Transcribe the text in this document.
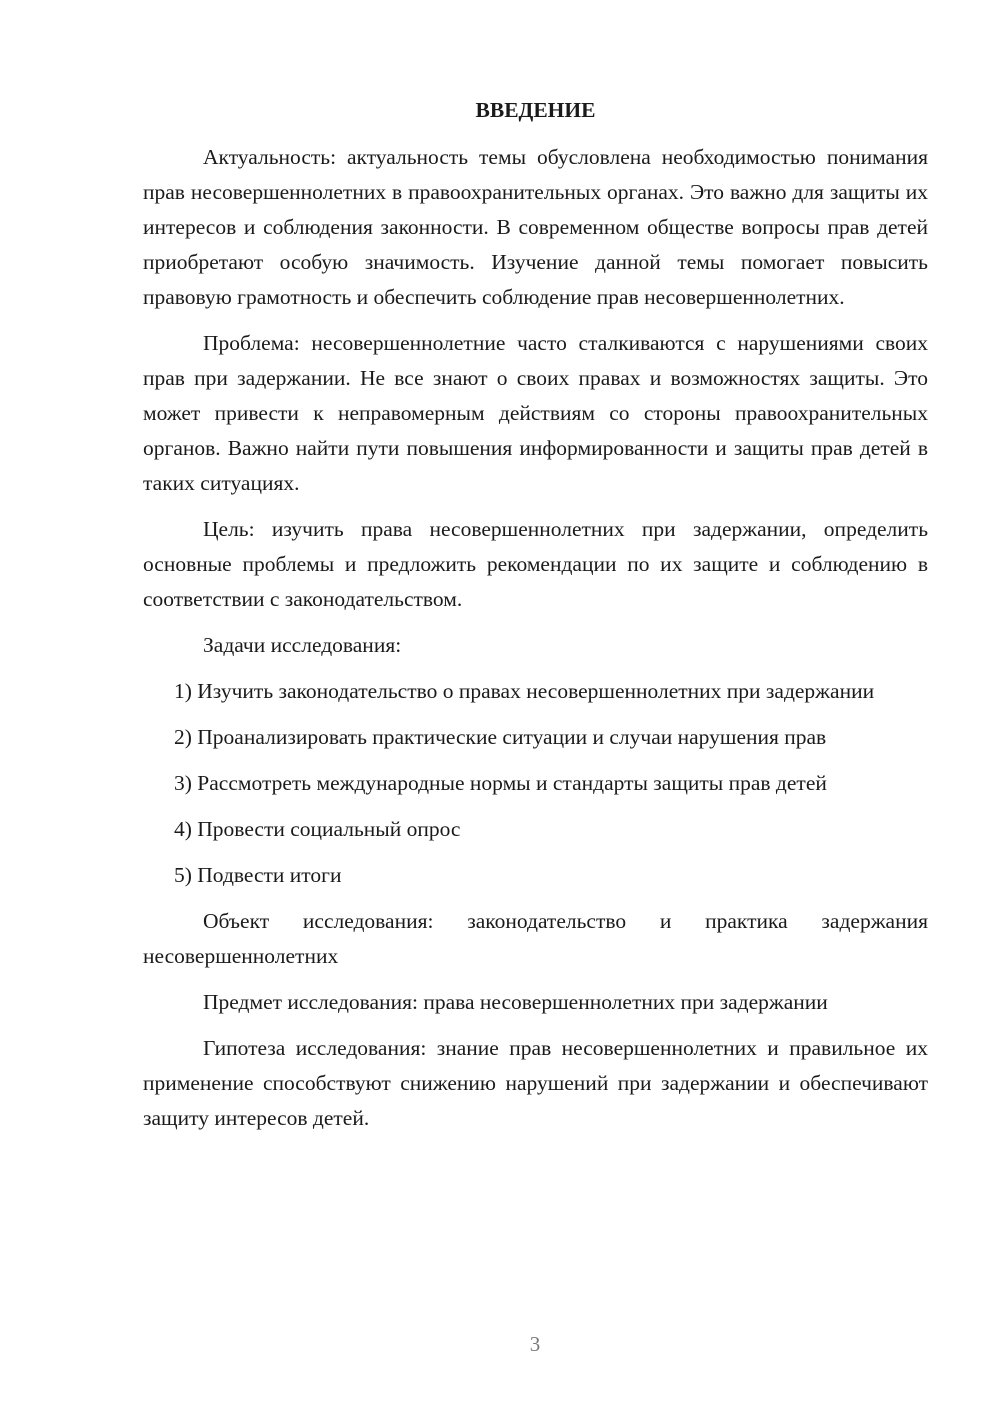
ВВЕДЕНИЕ

Актуальность: актуальность темы обусловлена необходимостью понимания прав несовершеннолетних в правоохранительных органах. Это важно для защиты их интересов и соблюдения законности. В современном обществе вопросы прав детей приобретают особую значимость. Изучение данной темы помогает повысить правовую грамотность и обеспечить соблюдение прав несовершеннолетних.

Проблема: несовершеннолетние часто сталкиваются с нарушениями своих прав при задержании. Не все знают о своих правах и возможностях защиты. Это может привести к неправомерным действиям со стороны правоохранительных органов. Важно найти пути повышения информированности и защиты прав детей в таких ситуациях.

Цель: изучить права несовершеннолетних при задержании, определить основные проблемы и предложить рекомендации по их защите и соблюдению в соответствии с законодательством.

Задачи исследования:

1) Изучить законодательство о правах несовершеннолетних при задержании

2) Проанализировать практические ситуации и случаи нарушения прав

3) Рассмотреть международные нормы и стандарты защиты прав детей

4) Провести социальный опрос

5) Подвести итоги

Объект исследования: законодательство и практика задержания несовершеннолетних

Предмет исследования: права несовершеннолетних при задержании

Гипотеза исследования: знание прав несовершеннолетних и правильное их применение способствуют снижению нарушений при задержании и обеспечивают защиту интересов детей.

3
